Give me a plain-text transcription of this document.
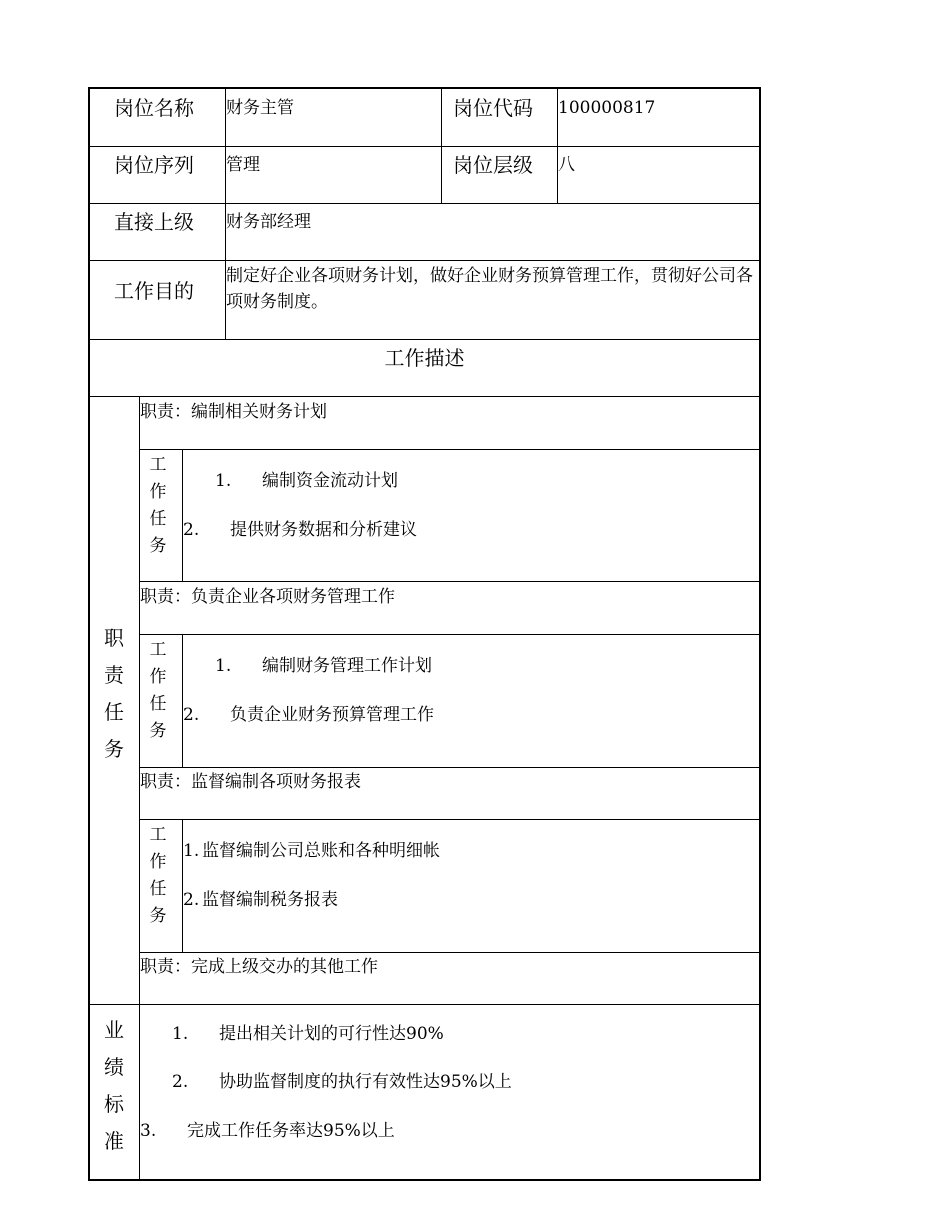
岗位名称 财务主管	岗位代码 100000817
岗位序列 管理	岗位层级 八
直接上级 财务部经理
工作目的
制定好企业各项财务计划，做好企业财务预算管理工作，贯彻好公司各项财务制度。
工作描述
职
责
任
务
职责：编制相关财务计划
工
作
任
务
1. 编制资金流动计划
2. 提供财务数据和分析建议
职责：负责企业各项财务管理工作
工
作
任
务
1. 编制财务管理工作计划
2. 负责企业财务预算管理工作
职责：监督编制各项财务报表
工
作
任
务
1. 监督编制公司总账和各种明细帐
2. 监督编制税务报表
职责：完成上级交办的其他工作
业
绩
标
准
1. 提出相关计划的可行性达90%
2. 协助监督制度的执行有效性达95%以上
3. 完成工作任务率达95%以上
